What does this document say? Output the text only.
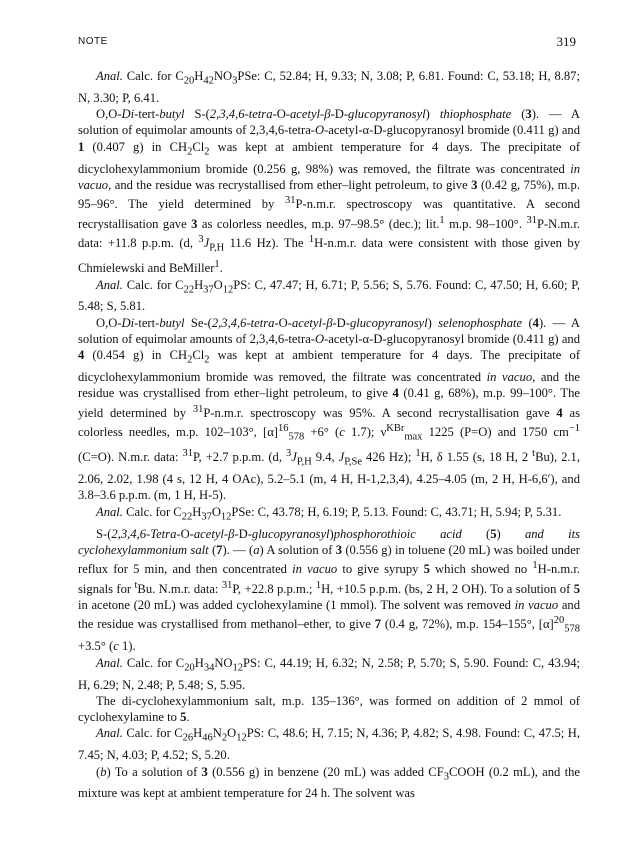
NOTE	319

Anal. Calc. for $C_{20}H_{42}NO_3PSe$: C, 52.84; H, 9.33; N, 3.08; P, 6.81. Found: C, 53.18; H, 8.87; N, 3.30; P, 6.41.

O,O-Di-tert-butyl S-(2,3,4,6-tetra-O-acetyl-β-D-glucopyranosyl) thiophosphate (3). — A solution of equimolar amounts of 2,3,4,6-tetra-O-acetyl-α-D-glucopyranosyl bromide (0.411 g) and 1 (0.407 g) in $CH_2Cl_2$ was kept at ambient temperature for 4 days. The precipitate of dicyclohexylammonium bromide (0.256 g, 98%) was removed, the filtrate was concentrated in vacuo, and the residue was recrystallised from ether–light petroleum, to give 3 (0.42 g, 75%), m.p. 95–96°. The yield determined by $^{31}$P-n.m.r. spectroscopy was quantitative. A second recrystallisation gave 3 as colorless needles, m.p. 97–98.5° (dec.); lit.$^1$ m.p. 98–100°. $^{31}$P-N.m.r. data: +11.8 p.p.m. (d, $^3J_{P,H}$ 11.6 Hz). The $^1$H-n.m.r. data were consistent with those given by Chmielewski and BeMiller$^1$.

Anal. Calc. for $C_{22}H_{37}O_{12}PS$: C, 47.47; H, 6.71; P, 5.56; S, 5.76. Found: C, 47.50; H, 6.60; P, 5.48; S, 5.81.

O,O-Di-tert-butyl Se-(2,3,4,6-tetra-O-acetyl-β-D-glucopyranosyl) selenophosphate (4). — A solution of equimolar amounts of 2,3,4,6-tetra-O-acetyl-α-D-glucopyranosyl bromide (0.411 g) and 4 (0.454 g) in $CH_2Cl_2$ was kept at ambient temperature for 4 days. The precipitate of dicyclohexylammonium bromide was removed, the filtrate was concentrated in vacuo, and the residue was crystallised from ether–light petroleum, to give 4 (0.41 g, 68%), m.p. 99–100°. The yield determined by $^{31}$P-n.m.r. spectroscopy was 95%. A second recrystallisation gave 4 as colorless needles, m.p. 102–103°, $[\alpha]^{16}_{578} +6^\circ$ (c 1.7); $\nu^{KBr}_{max}$ 1225 (P=O) and 1750 $cm^{-1}$ (C=O). N.m.r. data: $^{31}$P, +2.7 p.p.m. (d, $^3J_{P,H}$ 9.4, $J_{P,Se}$ 426 Hz); $^1$H, δ 1.55 (s, 18 H, 2 $^t$Bu), 2.1, 2.06, 2.02, 1.98 (4 s, 12 H, 4 OAc), 5.2–5.1 (m, 4 H, H-1,2,3,4), 4.25–4.05 (m, 2 H, H-6,6′), and 3.8–3.6 p.p.m. (m, 1 H, H-5).

Anal. Calc. for $C_{22}H_{37}O_{12}PSe$: C, 43.78; H, 6.19; P, 5.13. Found: C, 43.71; H, 5.94; P, 5.31.

S-(2,3,4,6-Tetra-O-acetyl-β-D-glucopyranosyl)phosphorothioic acid (5) and its cyclohexylammonium salt (7). — (a) A solution of 3 (0.556 g) in toluene (20 mL) was boiled under reflux for 5 min, and then concentrated in vacuo to give syrupy 5 which showed no $^1$H-n.m.r. signals for $^t$Bu. N.m.r. data: $^{31}$P, +22.8 p.p.m.; $^1$H, +10.5 p.p.m. (bs, 2 H, 2 OH). To a solution of 5 in acetone (20 mL) was added cyclohexylamine (1 mmol). The solvent was removed in vacuo and the residue was crystallised from methanol–ether, to give 7 (0.4 g, 72%), m.p. 154–155°, $[\alpha]^{20}_{578} +3.5^\circ$ (c 1).

Anal. Calc. for $C_{20}H_{34}NO_{12}PS$: C, 44.19; H, 6.32; N, 2.58; P, 5.70; S, 5.90. Found: C, 43.94; H, 6.29; N, 2.48; P, 5.48; S, 5.95.

The di-cyclohexylammonium salt, m.p. 135–136°, was formed on addition of 2 mmol of cyclohexylamine to 5.

Anal. Calc. for $C_{26}H_{46}N_2O_{12}PS$: C, 48.6; H, 7.15; N, 4.36; P, 4.82; S, 4.98. Found: C, 47.5; H, 7.45; N, 4.03; P, 4.52; S, 5.20.

(b) To a solution of 3 (0.556 g) in benzene (20 mL) was added $CF_3COOH$ (0.2 mL), and the mixture was kept at ambient temperature for 24 h. The solvent was
